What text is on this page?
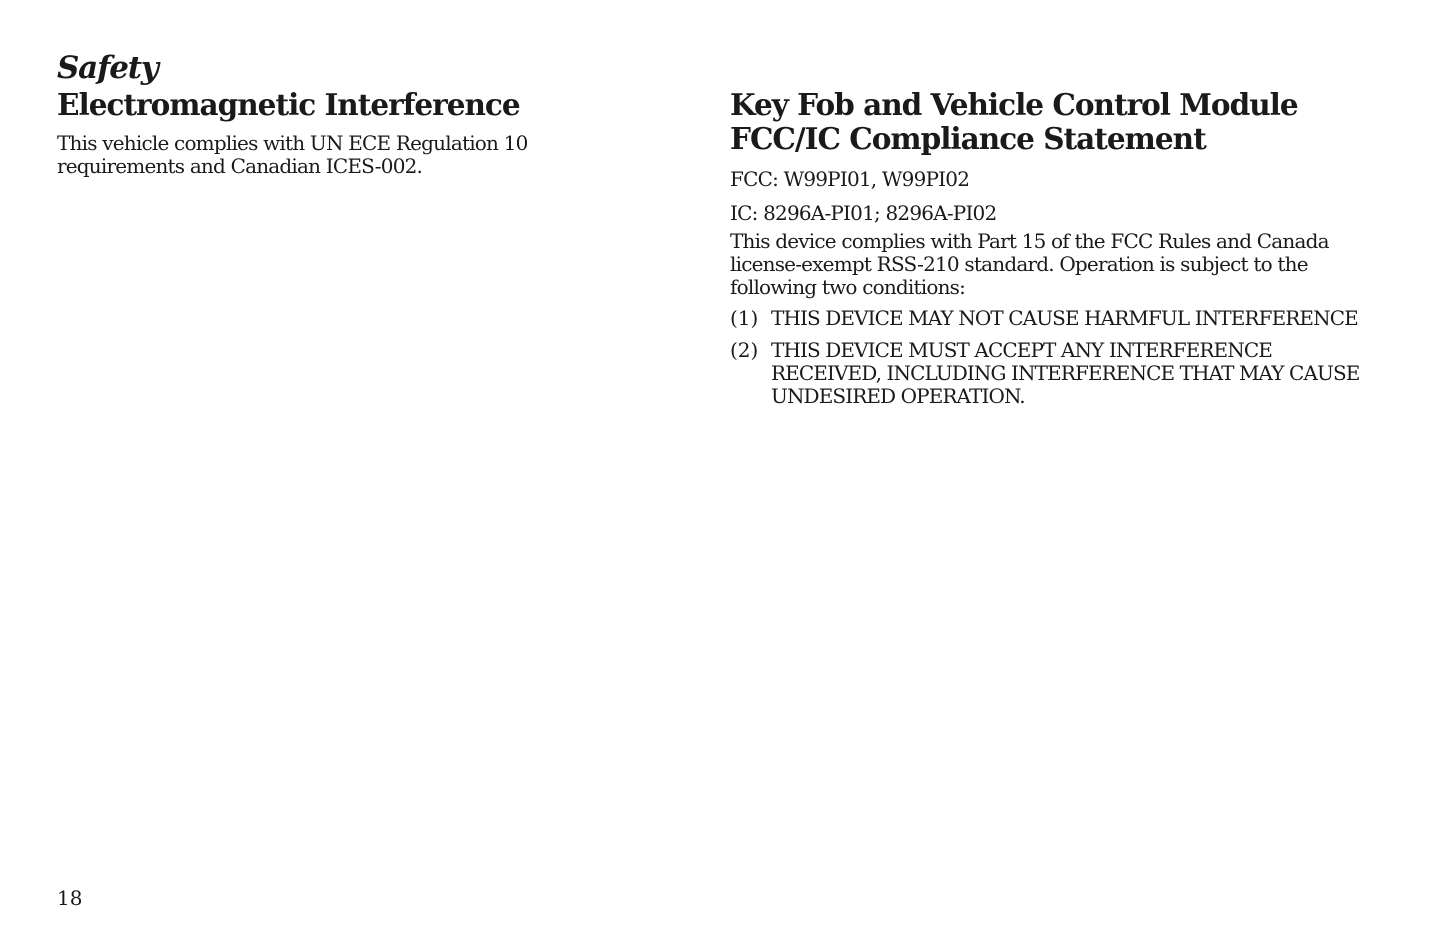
Safety
Electromagnetic Interference

This vehicle complies with UN ECE Regulation 10 requirements and Canadian ICES-002.

Key Fob and Vehicle Control Module
FCC/IC Compliance Statement

FCC: W99PI01, W99PI02

IC: 8296A-PI01; 8296A-PI02

This device complies with Part 15 of the FCC Rules and Canada license-exempt RSS-210 standard. Operation is subject to the following two conditions:

(1) THIS DEVICE MAY NOT CAUSE HARMFUL INTERFERENCE
(2) THIS DEVICE MUST ACCEPT ANY INTERFERENCE RECEIVED, INCLUDING INTERFERENCE THAT MAY CAUSE UNDESIRED OPERATION.
18
